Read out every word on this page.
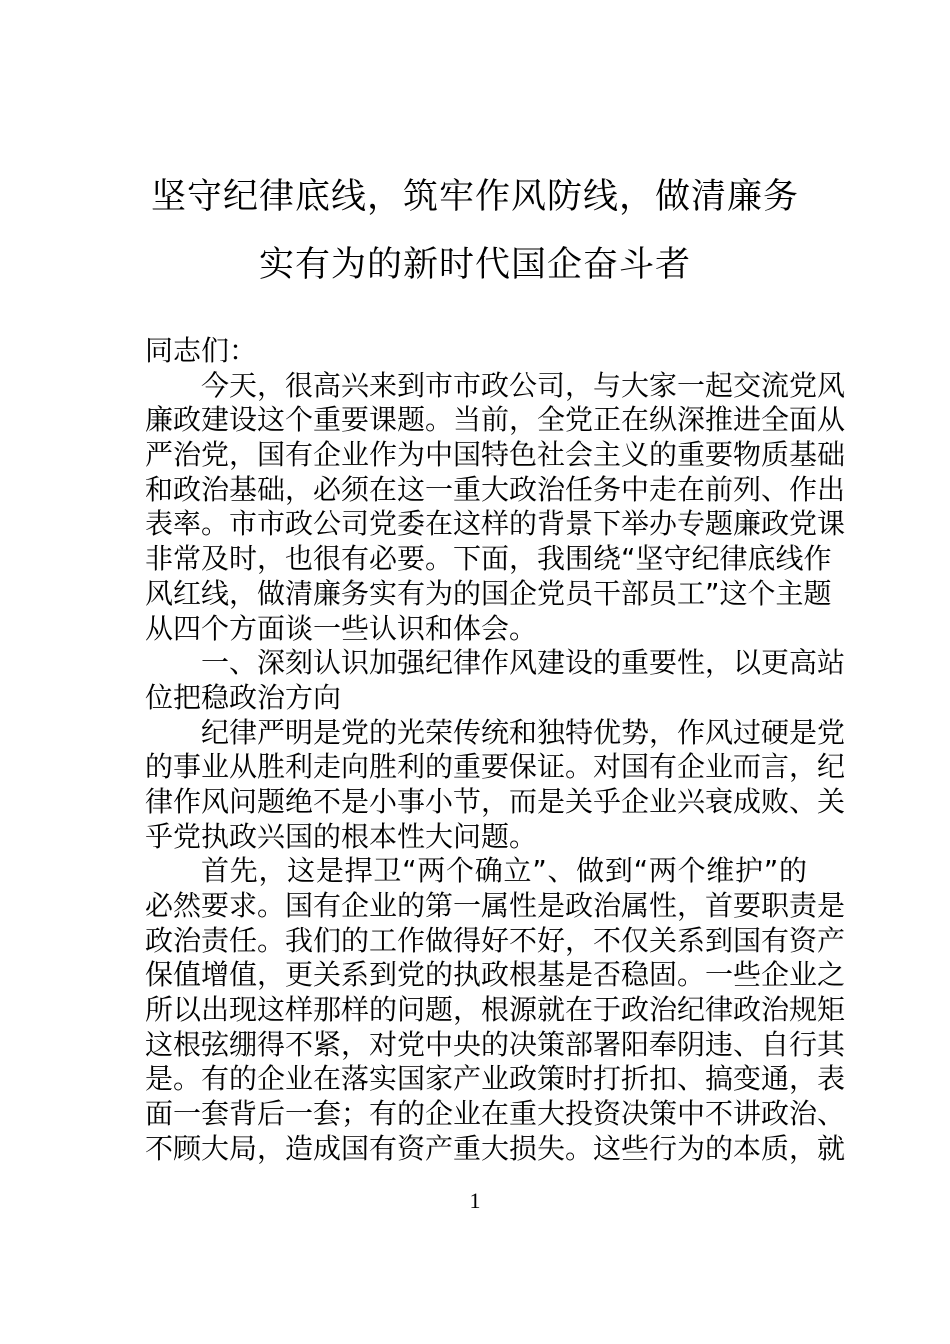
坚守纪律底线，筑牢作风防线，做清廉务
实有为的新时代国企奋斗者
同志们：
今天，很高兴来到市市政公司，与大家一起交流党风
廉政建设这个重要课题。当前，全党正在纵深推进全面从
严治党，国有企业作为中国特色社会主义的重要物质基础
和政治基础，必须在这一重大政治任务中走在前列、作出
表率。市市政公司党委在这样的背景下举办专题廉政党课
非常及时，也很有必要。下面，我围绕“坚守纪律底线作
风红线，做清廉务实有为的国企党员干部员工”这个主题
从四个方面谈一些认识和体会。
一、深刻认识加强纪律作风建设的重要性，以更高站
位把稳政治方向
纪律严明是党的光荣传统和独特优势，作风过硬是党
的事业从胜利走向胜利的重要保证。对国有企业而言，纪
律作风问题绝不是小事小节，而是关乎企业兴衰成败、关
乎党执政兴国的根本性大问题。
首先，这是捍卫“两个确立”、做到“两个维护”的
必然要求。国有企业的第一属性是政治属性，首要职责是
政治责任。我们的工作做得好不好，不仅关系到国有资产
保值增值，更关系到党的执政根基是否稳固。一些企业之
所以出现这样那样的问题，根源就在于政治纪律政治规矩
这根弦绷得不紧，对党中央的决策部署阳奉阴违、自行其
是。有的企业在落实国家产业政策时打折扣、搞变通，表
面一套背后一套；有的企业在重大投资决策中不讲政治、
不顾大局，造成国有资产重大损失。这些行为的本质，就
1
